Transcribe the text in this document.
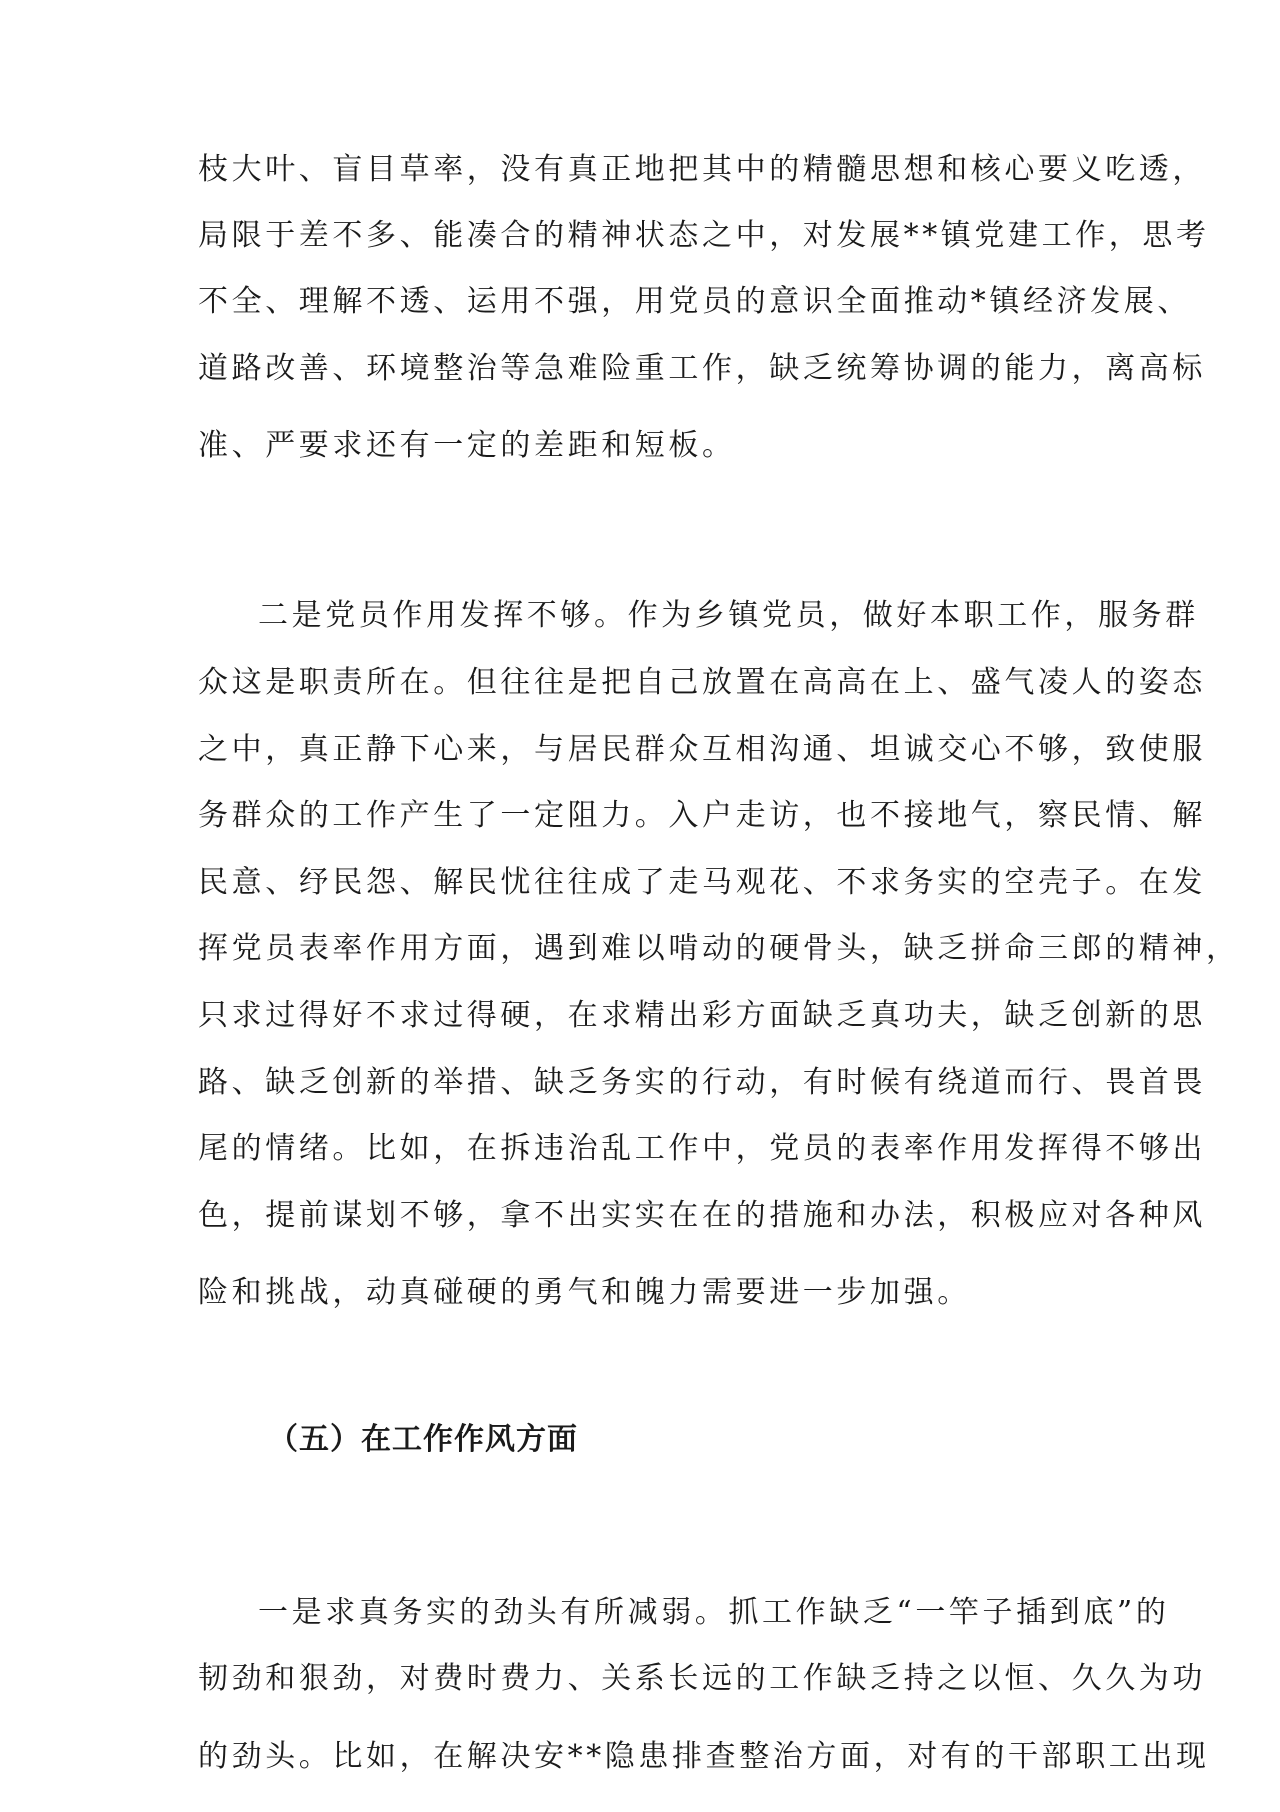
枝大叶、盲目草率，没有真正地把其中的精髓思想和核心要义吃透，
局限于差不多、能凑合的精神状态之中，对发展**镇党建工作，思考
不全、理解不透、运用不强，用党员的意识全面推动*镇经济发展、
道路改善、环境整治等急难险重工作，缺乏统筹协调的能力，离高标
准、严要求还有一定的差距和短板。
二是党员作用发挥不够。作为乡镇党员，做好本职工作，服务群
众这是职责所在。但往往是把自己放置在高高在上、盛气凌人的姿态
之中，真正静下心来，与居民群众互相沟通、坦诚交心不够，致使服
务群众的工作产生了一定阻力。入户走访，也不接地气，察民情、解
民意、纾民怨、解民忧往往成了走马观花、不求务实的空壳子。在发
挥党员表率作用方面，遇到难以啃动的硬骨头，缺乏拼命三郎的精神，
只求过得好不求过得硬，在求精出彩方面缺乏真功夫，缺乏创新的思
路、缺乏创新的举措、缺乏务实的行动，有时候有绕道而行、畏首畏
尾的情绪。比如，在拆违治乱工作中，党员的表率作用发挥得不够出
色，提前谋划不够，拿不出实实在在的措施和办法，积极应对各种风
险和挑战，动真碰硬的勇气和魄力需要进一步加强。
（五）在工作作风方面
一是求真务实的劲头有所减弱。抓工作缺乏“一竿子插到底”的
韧劲和狠劲，对费时费力、关系长远的工作缺乏持之以恒、久久为功
的劲头。比如，在解决安**隐患排查整治方面，对有的干部职工出现
